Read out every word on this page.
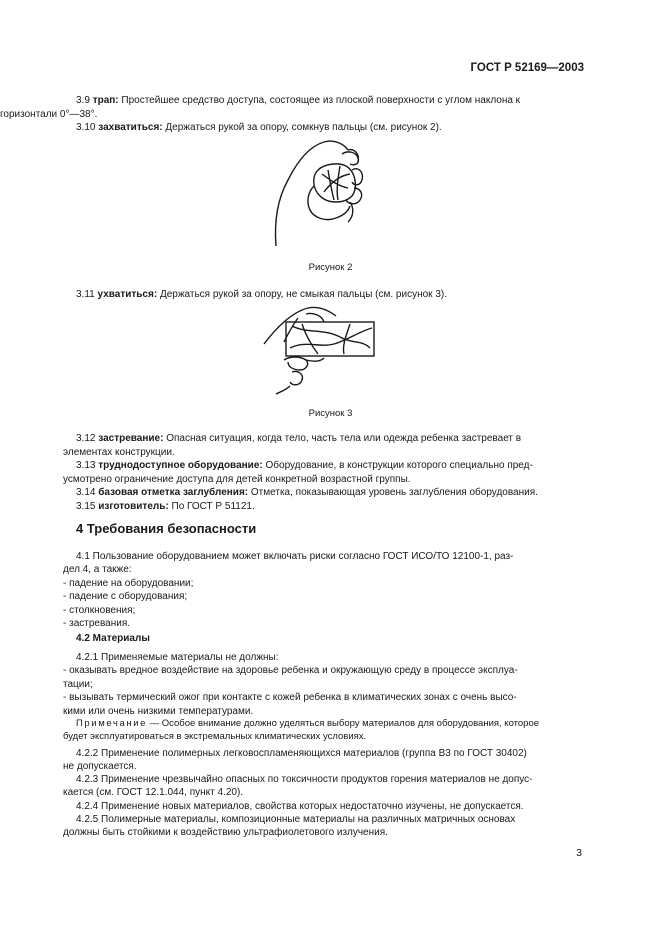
ГОСТ Р 52169—2003
3.9 трап: Простейшее средство доступа, состоящее из плоской поверхности с углом наклона к
горизонтали 0°—38°.
3.10 захватиться: Держаться рукой за опору, сомкнув пальцы (см. рисунок 2).
Рисунок 2
3.11 ухватиться: Держаться рукой за опору, не смыкая пальцы (см. рисунок 3).
Рисунок 3
3.12 застревание: Опасная ситуация, когда тело, часть тела или одежда ребенка застревает в
элементах конструкции.
3.13 труднодоступное оборудование: Оборудование, в конструкции которого специально пред-
усмотрено ограничение доступа для детей конкретной возрастной группы.
3.14 базовая отметка заглубления: Отметка, показывающая уровень заглубления оборудования.
3.15 изготовитель: По ГОСТ Р 51121.
4 Требования безопасности
4.1 Пользование оборудованием может включать риски согласно ГОСТ ИСО/ТО 12100-1, раз-
дел 4, а также:
- падение на оборудовании;
- падение с оборудования;
- столкновения;
- застревания.
4.2 Материалы
4.2.1 Применяемые материалы не должны:
- оказывать вредное воздействие на здоровье ребенка и окружающую среду в процессе эксплуа-
тации;
- вызывать термический ожог при контакте с кожей ребенка в климатических зонах с очень высо-
кими или очень низкими температурами.
Примечание — Особое внимание должно уделяться выбору материалов для оборудования, которое
будет эксплуатироваться в экстремальных климатических условиях.
4.2.2 Применение полимерных легковоспламеняющихся материалов (группа В3 по ГОСТ 30402)
не допускается.
4.2.3 Применение чрезвычайно опасных по токсичности продуктов горения материалов не допус-
кается (см. ГОСТ 12.1.044, пункт 4.20).
4.2.4 Применение новых материалов, свойства которых недостаточно изучены, не допускается.
4.2.5 Полимерные материалы, композиционные материалы на различных матричных основах
должны быть стойкими к воздействию ультрафиолетового излучения.
3
